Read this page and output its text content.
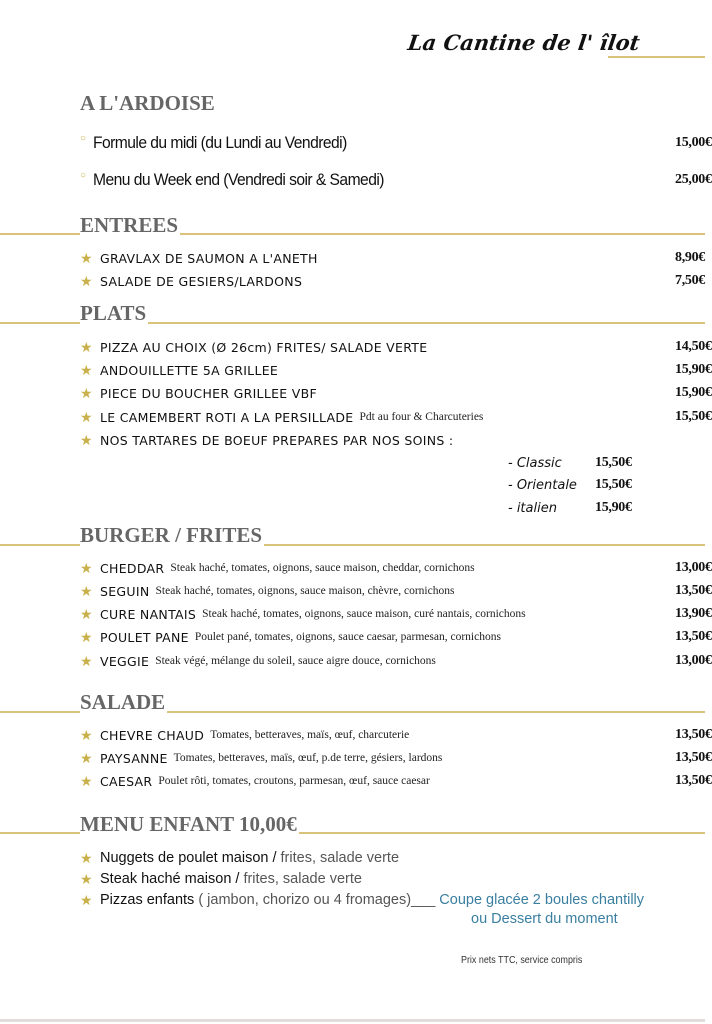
La Cantine de l' îlot
A L'ARDOISE
○ Formule du midi (du Lundi au Vendredi)	15,00€
○ Menu du Week end (Vendredi soir & Samedi)	25,00€
ENTREES
★ GRAVLAX DE SAUMON A L'ANETH	8,90€
★ SALADE DE GESIERS/LARDONS	7,50€
PLATS
★ PIZZA AU CHOIX (Ø 26cm) FRITES/ SALADE VERTE	14,50€
★ ANDOUILLETTE 5A GRILLEE	15,90€
★ PIECE DU BOUCHER GRILLEE VBF	15,90€
★ LE CAMEMBERT ROTI A LA PERSILLADE Pdt au four & Charcuteries	15,50€
★ NOS TARTARES DE BOEUF PREPARES PAR NOS SOINS :
- Classic 15,50€
- Orientale 15,50€
- italien	15,90€
BURGER / FRITES
★ CHEDDAR Steak haché, tomates, oignons, sauce maison, cheddar, cornichons	13,00€
★ SEGUIN Steak haché, tomates, oignons, sauce maison, chèvre, cornichons	13,50€
★ CURE NANTAIS Steak haché, tomates, oignons, sauce maison, curé nantais, cornichons	13,90€
★ POULET PANE Poulet pané, tomates, oignons, sauce caesar, parmesan, cornichons	13,50€
★ VEGGIE Steak végé, mélange du soleil, sauce aigre douce, cornichons	13,00€
SALADE
★ CHEVRE CHAUD Tomates, betteraves, maïs, œuf, charcuterie	13,50€
★ PAYSANNE Tomates, betteraves, maïs, œuf, p.de terre, gésiers, lardons	13,50€
★ CAESAR Poulet rôti, tomates, croutons, parmesan, œuf, sauce caesar	13,50€
MENU ENFANT 10,00€
★ Nuggets de poulet maison / frites, salade verte
★ Steak haché maison / frites, salade verte
★ Pizzas enfants ( jambon, chorizo ou 4 fromages)___ Coupe glacée 2 boules chantilly
ou Dessert du moment
Prix nets TTC, service compris
